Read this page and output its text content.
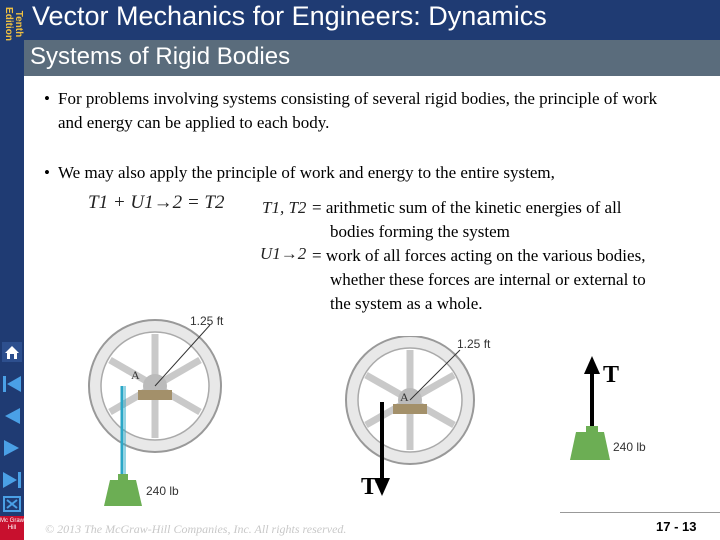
Tenth Edition
Mc Graw Hill
Vector Mechanics for Engineers: Dynamics
Systems of Rigid Bodies
• For problems involving systems consisting of several rigid bodies, the principle of work and energy can be applied to each body.
• We may also apply the principle of work and energy to the entire system,
T1 + U1→2 = T2 T1, T2 = arithmetic sum of the kinetic energies of all bodies forming the system
U1→2 = work of all forces acting on the various bodies, whether these forces are internal or external to the system as a whole.
1.25 ft
A
240 lb
1.25 ft
A
240 lb
T
T
© 2013 The McGraw-Hill Companies, Inc. All rights reserved.	17 - 13
